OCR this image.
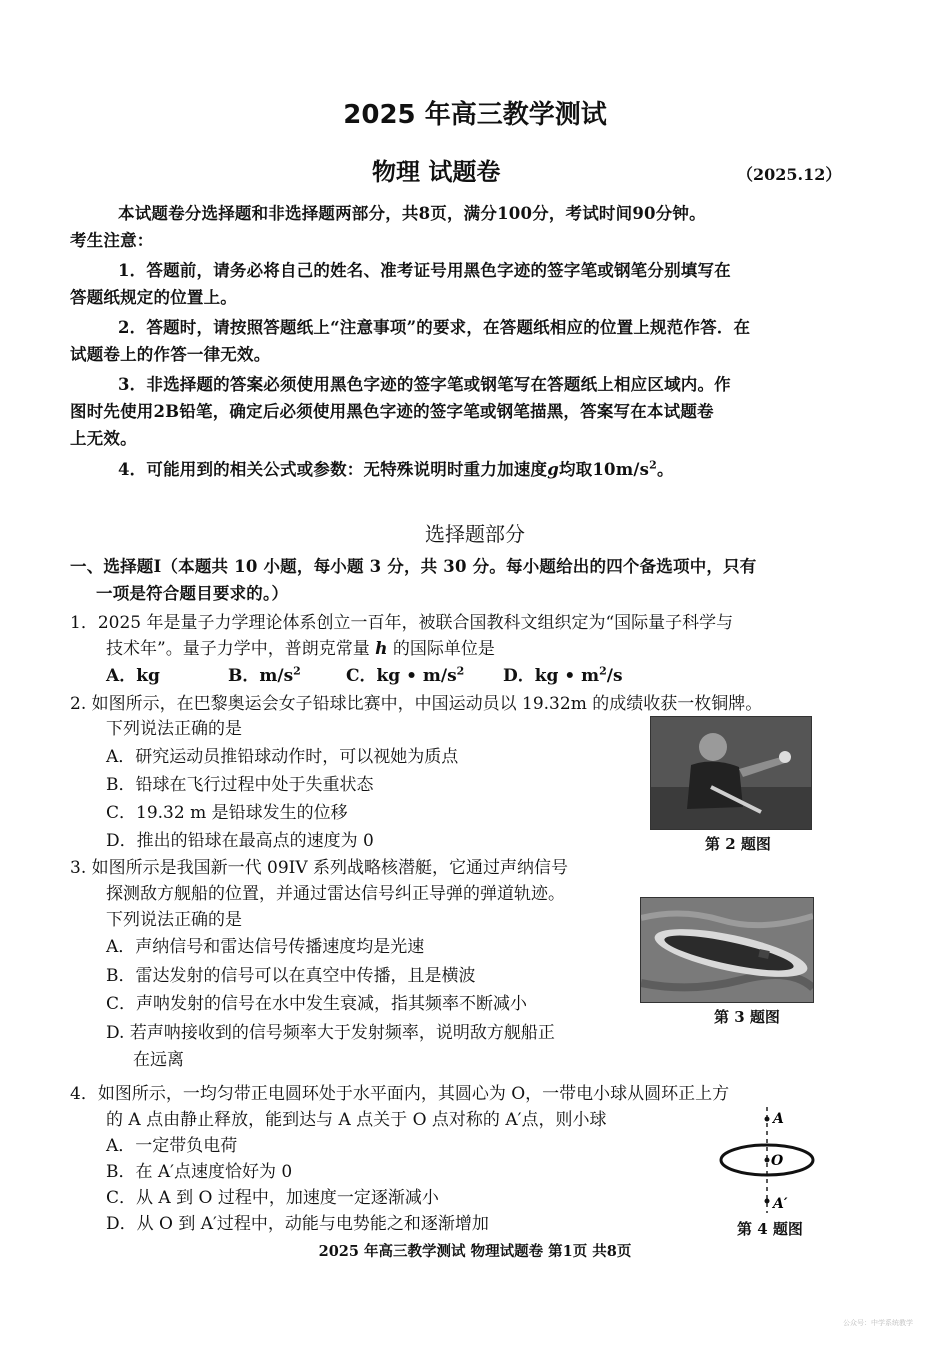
2025 年高三教学测试
物理 试题卷	（2025.12）
本试题卷分选择题和非选择题两部分，共8页，满分100分，考试时间90分钟。
考生注意：
1．答题前，请务必将自己的姓名、准考证号用黑色字迹的签字笔或钢笔分别填写在
答题纸规定的位置上。
2．答题时，请按照答题纸上“注意事项”的要求，在答题纸相应的位置上规范作答．在
试题卷上的作答一律无效。
3．非选择题的答案必须使用黑色字迹的签字笔或钢笔写在答题纸上相应区域内。作
图时先使用2B铅笔，确定后必须使用黑色字迹的签字笔或钢笔描黑，答案写在本试题卷
上无效。
4．可能用到的相关公式或参数：无特殊说明时重力加速度g均取$10m/s^2$。
选择题部分
一、选择题Ⅰ（本题共 10 小题，每小题 3 分，共 30 分。每小题给出的四个备选项中，只有
一项是符合题目要求的。）
1．2025 年是量子力学理论体系创立一百年，被联合国教科文组织定为“国际量子科学与
技术年”。量子力学中，普朗克常量 h 的国际单位是
A．kg	B．$m/s^2$	C．kg • $m/s^2$ D．kg • $m^2/s$
2. 如图所示，在巴黎奥运会女子铅球比赛中，中国运动员以 19.32m 的成绩收获一枚铜牌。
下列说法正确的是
A．研究运动员推铅球动作时，可以视她为质点
B．铅球在飞行过程中处于失重状态
C．19.32 m 是铅球发生的位移
D．推出的铅球在最高点的速度为 0	第 2 题图
3. 如图所示是我国新一代 09IV 系列战略核潜艇，它通过声纳信号
探测敌方舰船的位置，并通过雷达信号纠正导弹的弹道轨迹。
下列说法正确的是
A．声纳信号和雷达信号传播速度均是光速
B．雷达发射的信号可以在真空中传播，且是横波
C．声呐发射的信号在水中发生衰减，指其频率不断减小
D. 若声呐接收到的信号频率大于发射频率，说明敌方舰船正
在远离
第 3 题图
4．如图所示，一均匀带正电圆环处于水平面内，其圆心为 O，一带电小球从圆环正上方
的 A 点由静止释放，能到达与 A 点关于 O 点对称的 A′点，则小球
A．一定带负电荷
B．在 A′点速度恰好为 0
C．从 A 到 O 过程中，加速度一定逐渐减小
D．从 O 到 A′过程中，动能与电势能之和逐渐增加
A
O
A′
第 4 题图
2025 年高三教学测试 物理试题卷 第1页 共8页
公众号：中学系统教学
